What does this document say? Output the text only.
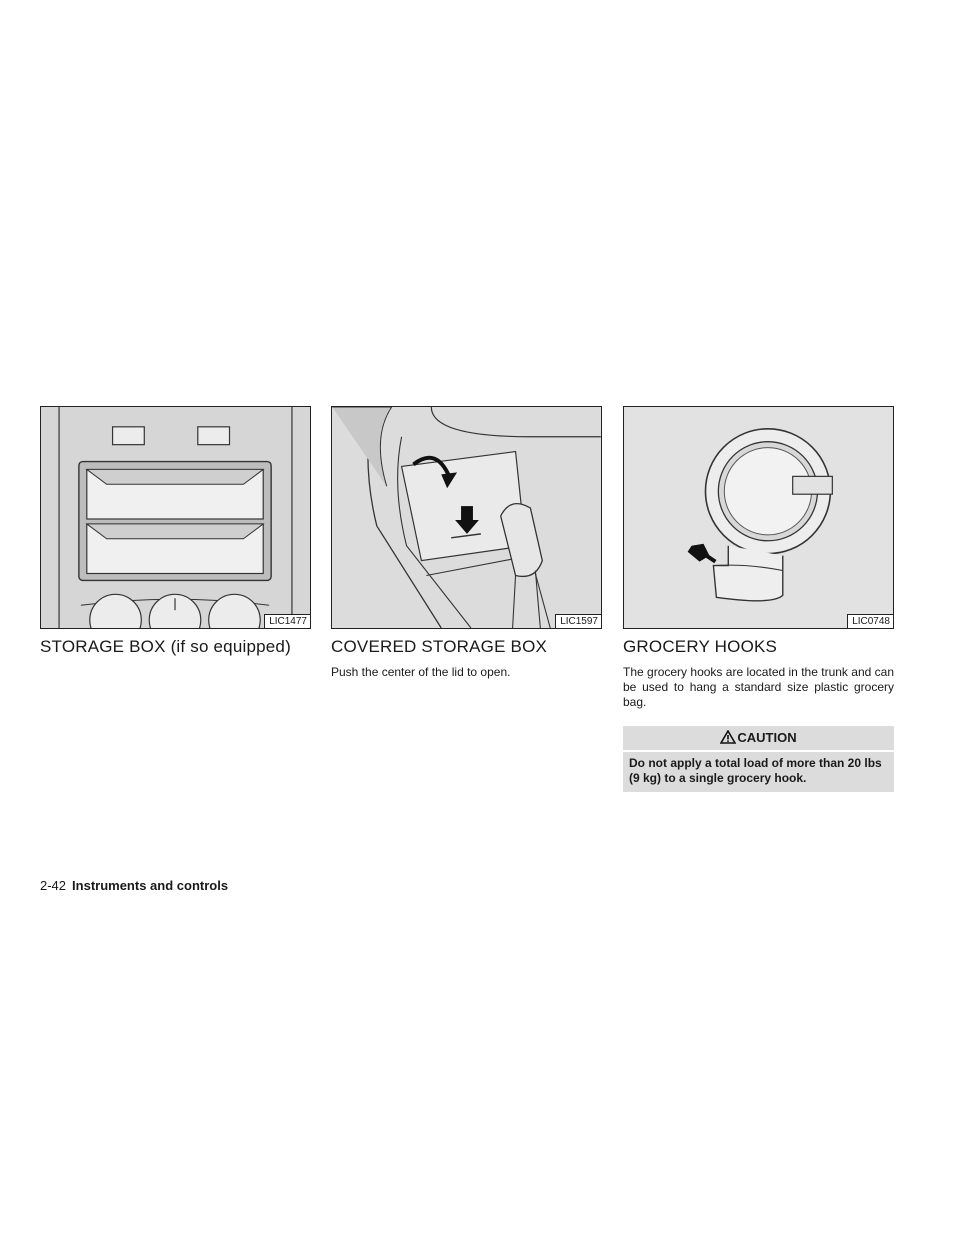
LIC1477
STORAGE BOX (if so equipped)
LIC1597
COVERED STORAGE BOX

Push the center of the lid to open.

LIC0748
GROCERY HOOKS

The grocery hooks are located in the trunk and can be used to hang a standard size plastic grocery bag.

CAUTION
Do not apply a total load of more than 20 lbs (9 kg) to a single grocery hook.
2-42 Instruments and controls
